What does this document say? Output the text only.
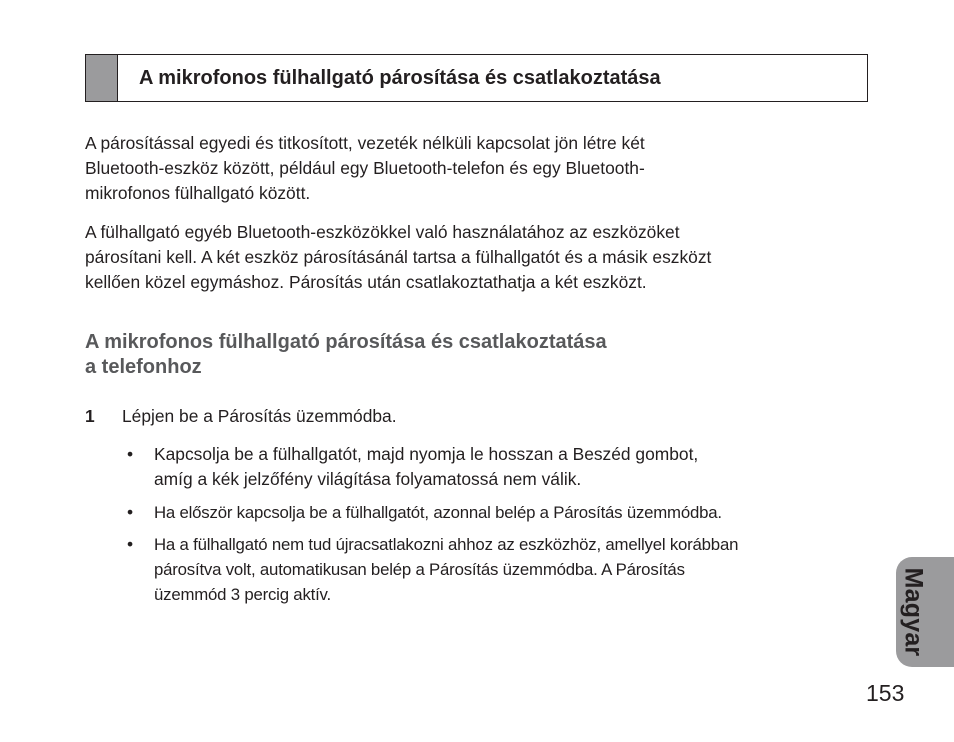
A mikrofonos fülhallgató párosítása és csatlakoztatása

A párosítással egyedi és titkosított, vezeték nélküli kapcsolat jön létre két
Bluetooth-eszköz között, például egy Bluetooth-telefon és egy Bluetooth-
mikrofonos fülhallgató között.

A fülhallgató egyéb Bluetooth-eszközökkel való használatához az eszközöket
párosítani kell. A két eszköz párosításánál tartsa a fülhallgatót és a másik eszközt
kellően közel egymáshoz. Párosítás után csatlakoztathatja a két eszközt.

A mikrofonos fülhallgató párosítása és csatlakoztatása
a telefonhoz
1 Lépjen be a Párosítás üzemmódba.
• Kapcsolja be a fülhallgatót, majd nyomja le hosszan a Beszéd gombot,
amíg a kék jelzőfény világítása folyamatossá nem válik.
• Ha először kapcsolja be a fülhallgatót, azonnal belép a Párosítás üzemmódba.
• Ha a fülhallgató nem tud újracsatlakozni ahhoz az eszközhöz, amellyel korábban
párosítva volt, automatikusan belép a Párosítás üzemmódba. A Párosítás
üzemmód 3 percig aktív.	Magyar
153
